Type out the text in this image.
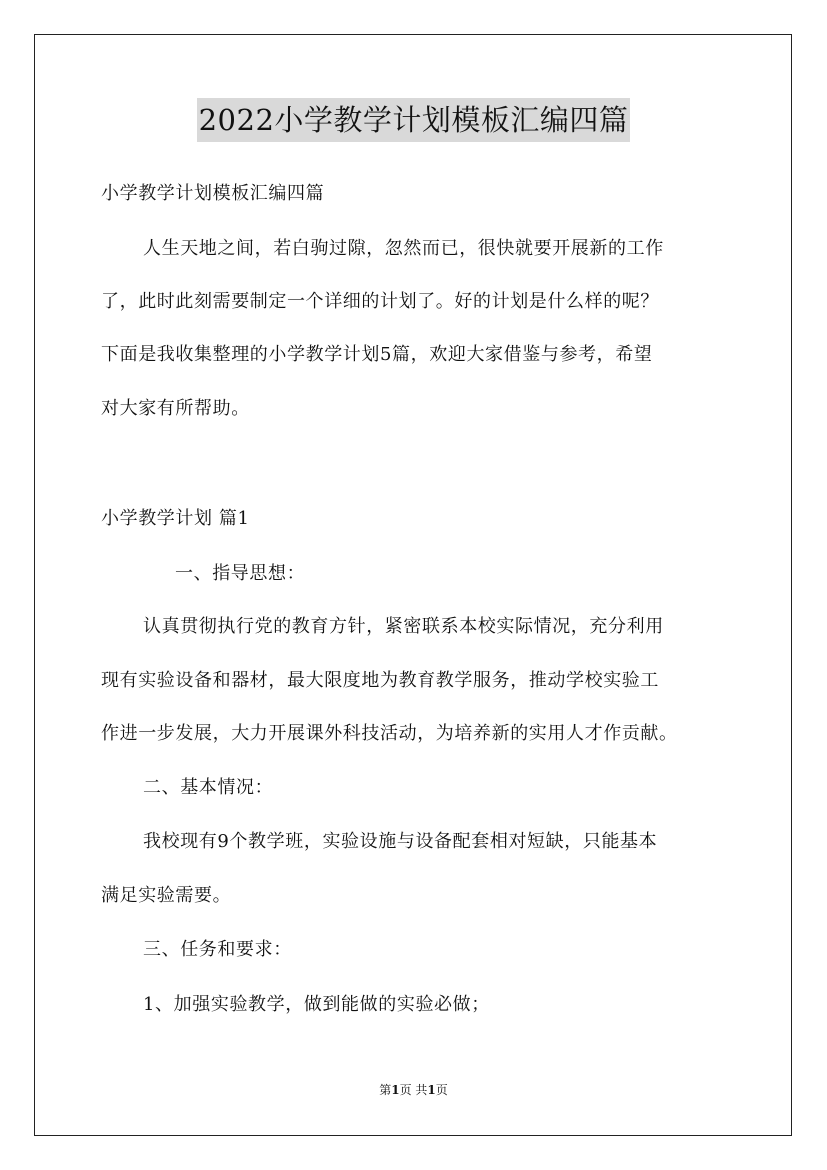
2022小学教学计划模板汇编四篇
小学教学计划模板汇编四篇
人生天地之间，若白驹过隙，忽然而已，很快就要开展新的工作
了，此时此刻需要制定一个详细的计划了。好的计划是什么样的呢？
下面是我收集整理的小学教学计划5篇，欢迎大家借鉴与参考，希望
对大家有所帮助。
小学教学计划 篇1
一、指导思想：
认真贯彻执行党的教育方针，紧密联系本校实际情况，充分利用
现有实验设备和器材，最大限度地为教育教学服务，推动学校实验工
作进一步发展，大力开展课外科技活动，为培养新的实用人才作贡献。
二、基本情况：
我校现有9个教学班，实验设施与设备配套相对短缺，只能基本
满足实验需要。
三、任务和要求：
1、加强实验教学，做到能做的实验必做；
第1页 共1页
